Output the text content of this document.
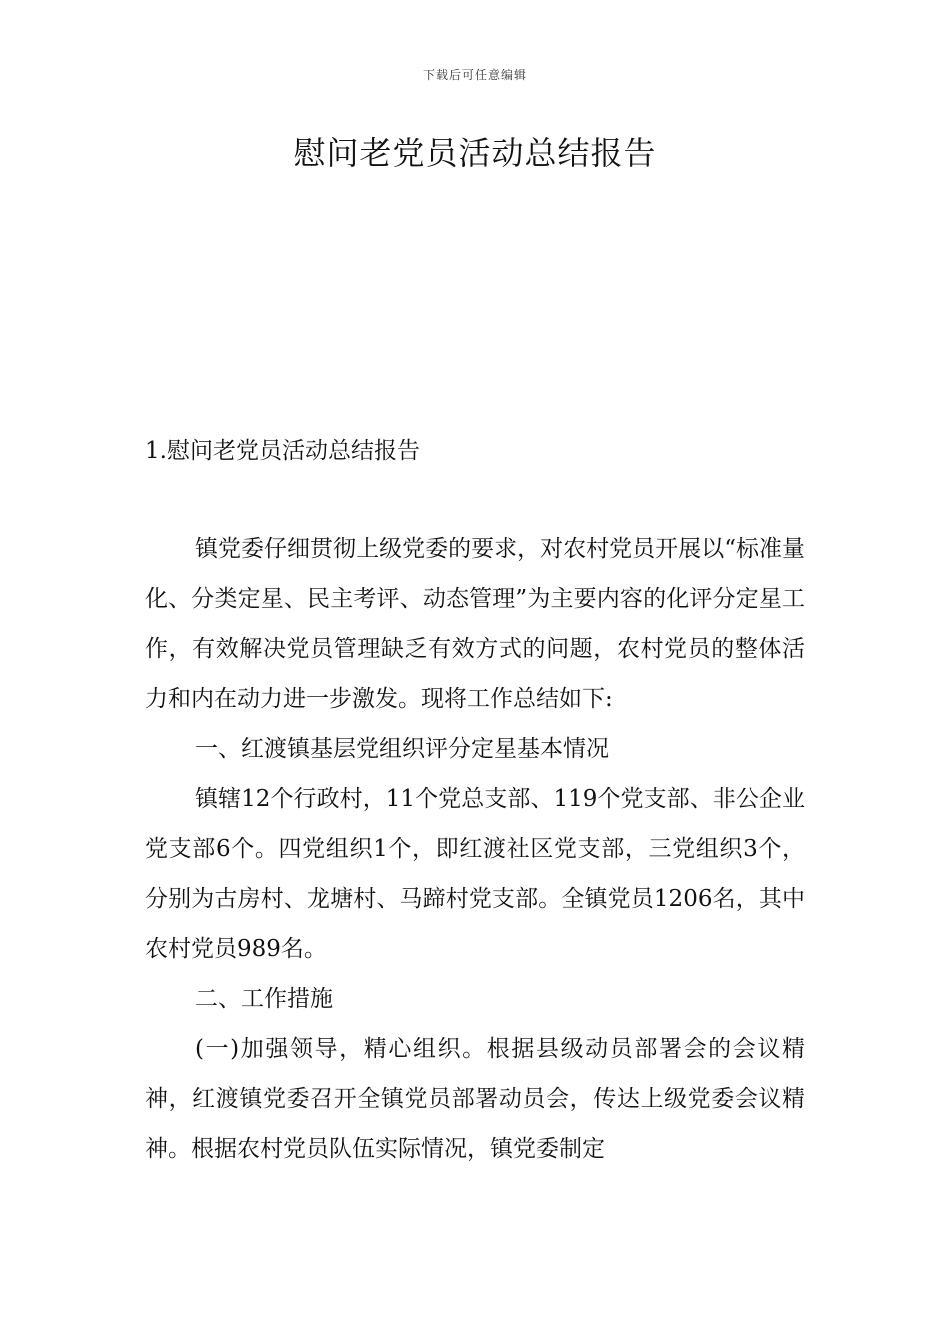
下载后可任意编辑
慰问老党员活动总结报告
1.慰问老党员活动总结报告

镇党委仔细贯彻上级党委的要求，对农村党员开展以“标准量化、分类定星、民主考评、动态管理”为主要内容的化评分定星工作，有效解决党员管理缺乏有效方式的问题，农村党员的整体活力和内在动力进一步激发。现将工作总结如下:

一、红渡镇基层党组织评分定星基本情况

镇辖12个行政村，11个党总支部、119个党支部、非公企业党支部6个。四党组织1个，即红渡社区党支部，三党组织3个，分别为古房村、龙塘村、马蹄村党支部。全镇党员1206名，其中农村党员989名。

二、工作措施

(一)加强领导，精心组织。根据县级动员部署会的会议精神，红渡镇党委召开全镇党员部署动员会，传达上级党委会议精神。根据农村党员队伍实际情况，镇党委制定
